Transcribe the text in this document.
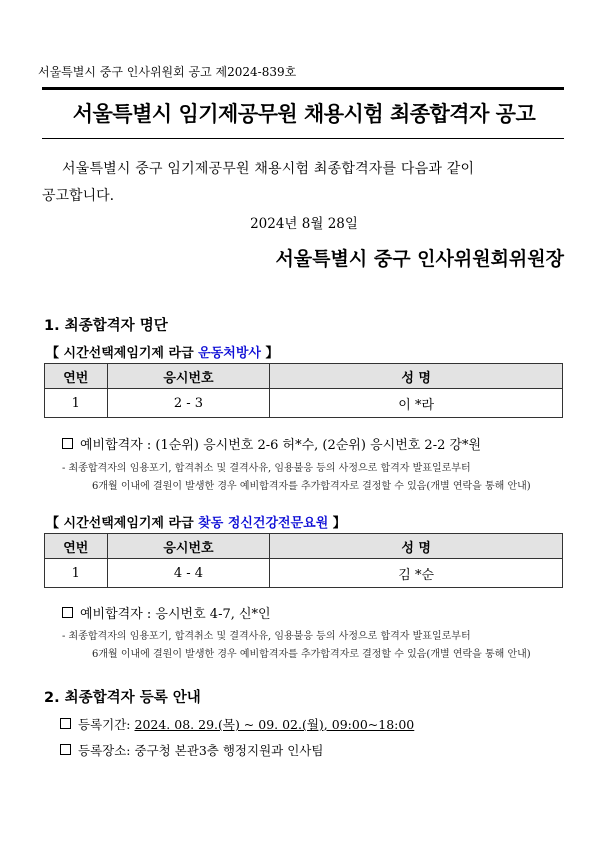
서울특별시 중구 인사위원회 공고 제2024-839호
서울특별시 임기제공무원 채용시험 최종합격자 공고
서울특별시 중구 임기제공무원 채용시험 최종합격자를 다음과 같이
공고합니다.
2024년 8월 28일
서울특별시 중구 인사위원회위원장
1. 최종합격자 명단
【 시간선택제임기제 라급 운동처방사 】
연번	응시번호	성 명
1	2 - 3	이 *라
예비합격자 : (1순위) 응시번호 2-6 허*수, (2순위) 응시번호 2-2 강*원
- 최종합격자의 임용포기, 합격취소 및 결격사유, 임용불응 등의 사정으로 합격자 발표일로부터
6개월 이내에 결원이 발생한 경우 예비합격자를 추가합격자로 결정할 수 있음(개별 연락을 통해 안내)
【 시간선택제임기제 라급 찾동 정신건강전문요원 】
연번	응시번호	성 명
1	4 - 4	김 *순
예비합격자 : 응시번호 4-7, 신*인
- 최종합격자의 임용포기, 합격취소 및 결격사유, 임용불응 등의 사정으로 합격자 발표일로부터
6개월 이내에 결원이 발생한 경우 예비합격자를 추가합격자로 결정할 수 있음(개별 연락을 통해 안내)
2. 최종합격자 등록 안내
등록기간: 2024. 08. 29.(목) ~ 09. 02.(월), 09:00~18:00
등록장소: 중구청 본관3층 행정지원과 인사팀
